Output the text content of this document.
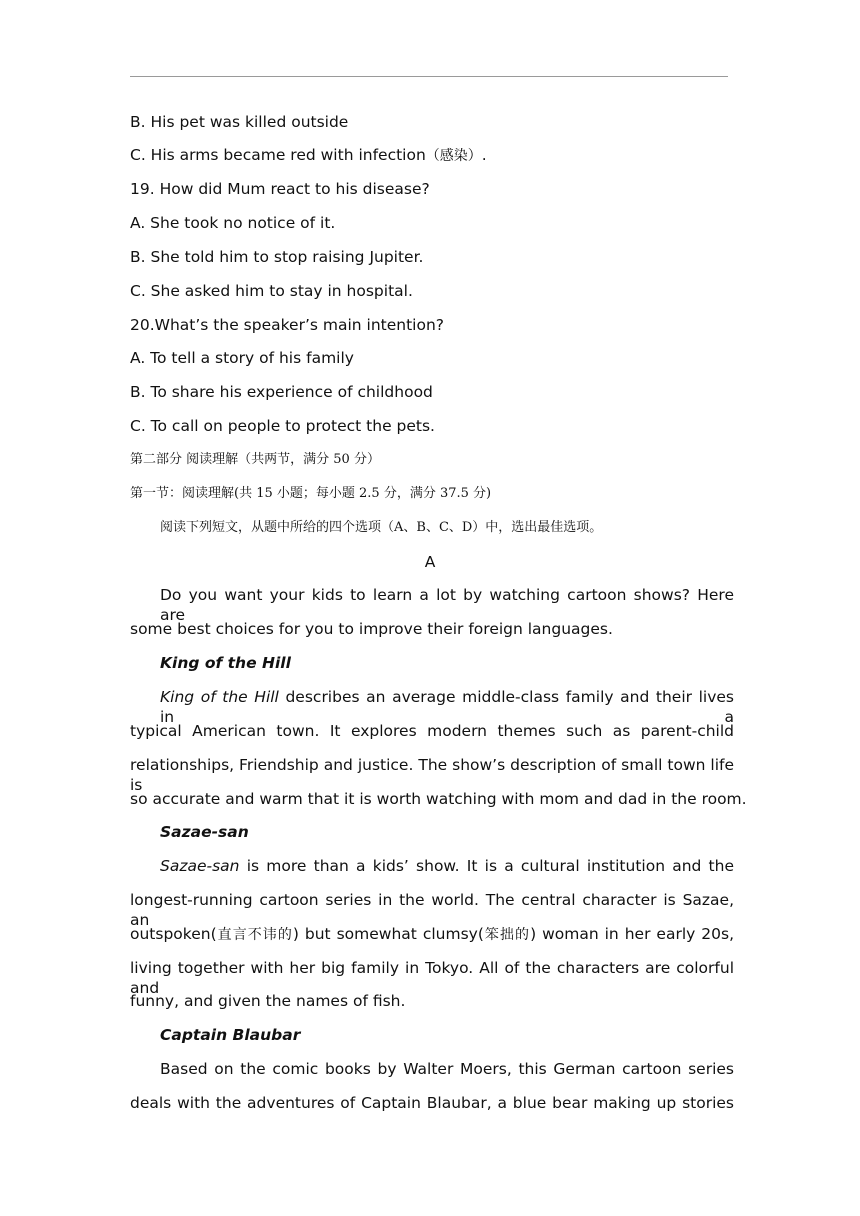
B. His pet was killed outside
C. His arms became red with infection（感染）.
19. How did Mum react to his disease?
A. She took no notice of it.
B. She told him to stop raising Jupiter.
C. She asked him to stay in hospital.
20.What’s the speaker’s main intention?
A. To tell a story of his family
B. To share his experience of childhood
C. To call on people to protect the pets.
第二部分 阅读理解（共两节，满分 50 分）
第一节：阅读理解(共 15 小题；每小题 2.5 分，满分 37.5 分)
阅读下列短文，从题中所给的四个选项（A、B、C、D）中，选出最佳选项。
A
Do you want your kids to learn a lot by watching cartoon shows? Here are
some best choices for you to improve their foreign languages.
King of the Hill
King of the Hill describes an average middle-class family and their lives in a
typical American town. It explores modern themes such as parent-child
relationships, Friendship and justice. The show’s description of small town life is
so accurate and warm that it is worth watching with mom and dad in the room.
Sazae-san
Sazae-san is more than a kids’ show. It is a cultural institution and the
longest-running cartoon series in the world. The central character is Sazae, an
outspoken(直言不讳的) but somewhat clumsy(笨拙的) woman in her early 20s,
living together with her big family in Tokyo. All of the characters are colorful and
funny, and given the names of fish.
Captain Blaubar
Based on the comic books by Walter Moers, this German cartoon series
deals with the adventures of Captain Blaubar, a blue bear making up stories
